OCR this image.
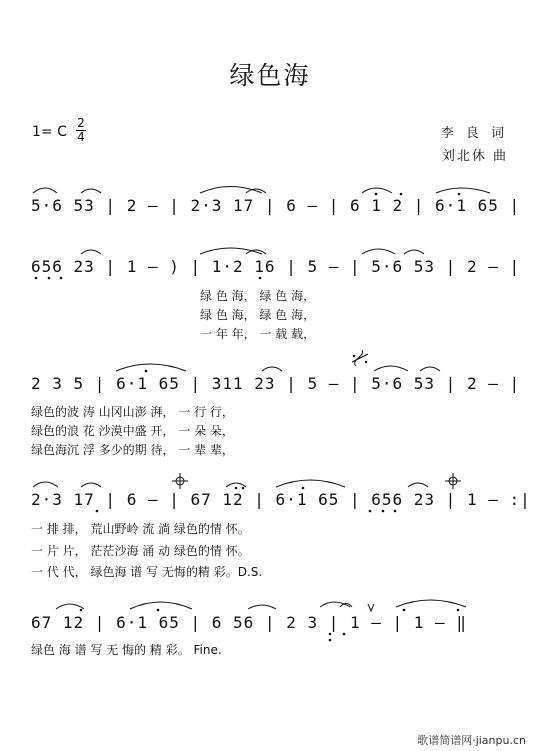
绿色海
1= C
2
4	李 良 词
刘北休 曲
5·6 53 | 2 – | 2·3 17 | 6 – | 6 1 2 | 6·1 65 |
656 23 | 1 – ) | 1·2 16 | 5 – | 5·6 53 | 2 – |
绿 色 海， 绿 色 海，
绿 色 海， 绿 色 海，
一 年 年， 一 载 载，
2 3 5 | 6·1 65 | 311 23 | 5 – | 5·6 53 | 2 – |
绿色的波 涛 山冈山澎 湃， 一 行 行，
绿色的浪 花 沙漠中盛 开， 一 朵 朵，
绿色海沉 浮 多少的期 待， 一 辈 辈，
2·3 17 | 6 – | 67 12 | 6·1 65 | 656 23 | 1 – :|
一 排 排， 荒山野岭 流 淌 绿色的情 怀。
一 片 片， 茫茫沙海 涌 动 绿色的情 怀。
一 代 代， 绿色海 谱 写 无悔的精 彩。D.S.
67 12 | 6·1 65 | 6 56 | 2 3 | 1 – | 1 – ‖
绿色 海 谱 写 无 悔的 精 彩。 Fine.
歌谱简谱网·jianpu.cn
